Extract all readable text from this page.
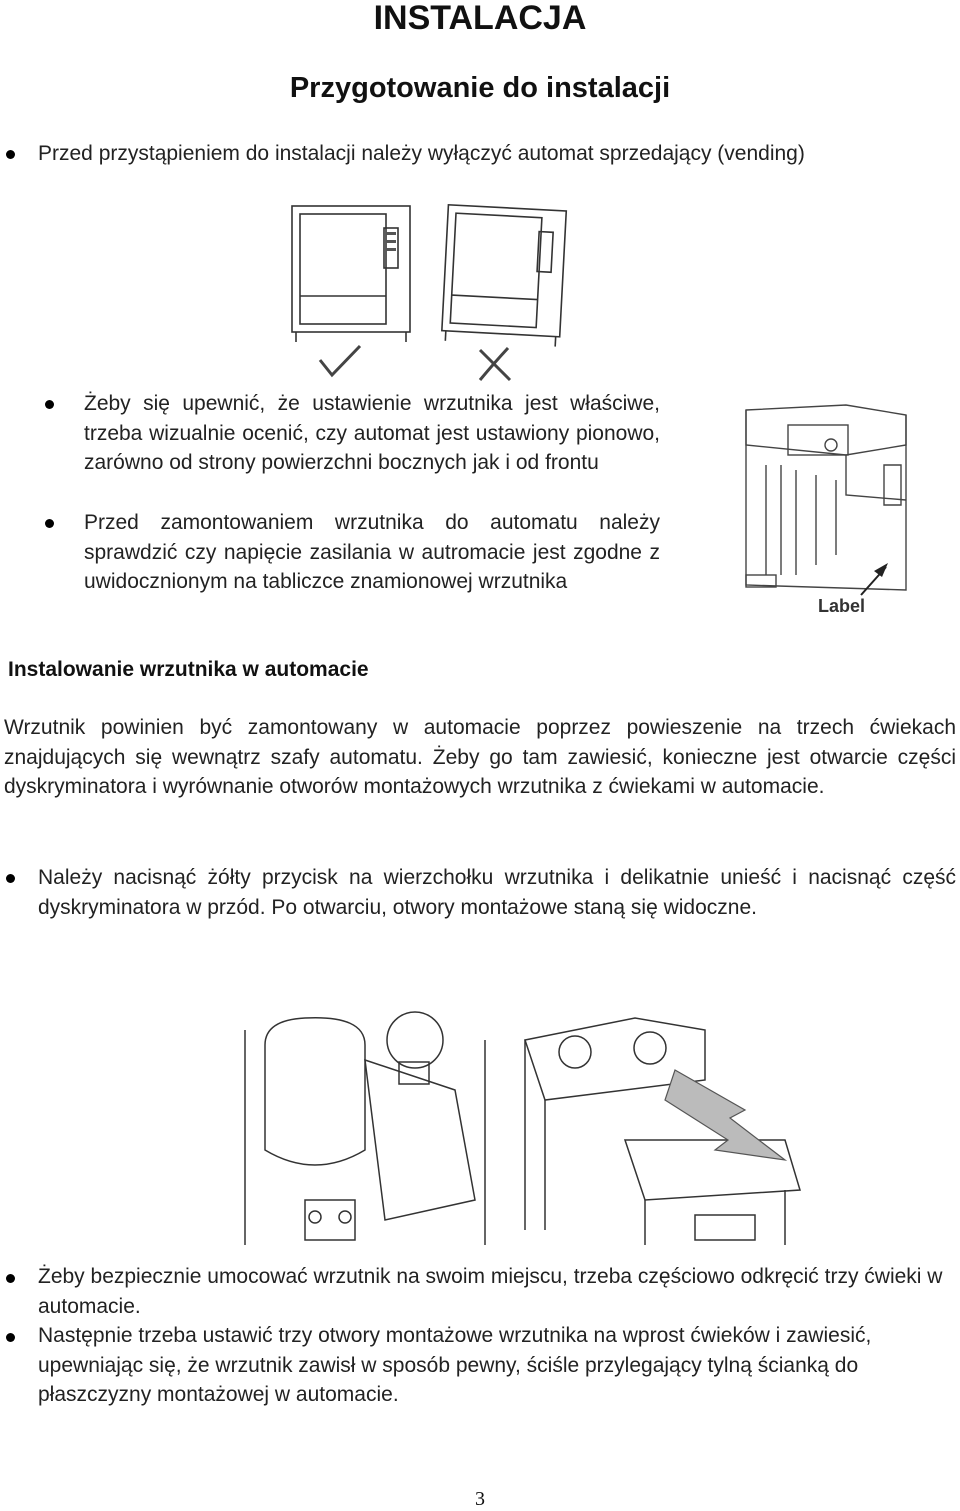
INSTALACJA
Przygotowanie do instalacji
Przed przystąpieniem do instalacji należy wyłączyć automat sprzedający (vending)
Żeby się upewnić, że ustawienie wrzutnika jest właściwe, trzeba wizualnie ocenić, czy automat jest ustawiony pionowo, zarówno od strony powierzchni bocznych jak i od frontu
Przed zamontowaniem wrzutnika do automatu należy sprawdzić czy napięcie zasilania w autromacie jest zgodne z uwidocznionym na tabliczce znamionowej wrzutnika
Label
Instalowanie wrzutnika w automacie
Wrzutnik powinien być zamontowany w automacie poprzez powieszenie na trzech ćwiekach znajdujących się wewnątrz szafy automatu. Żeby go tam zawiesić, konieczne jest otwarcie części dyskryminatora i wyrównanie otworów montażowych wrzutnika z ćwiekami w automacie.
Należy nacisnąć żółty przycisk na wierzchołku wrzutnika i delikatnie unieść i nacisnąć część dyskryminatora w przód. Po otwarciu, otwory montażowe staną się widoczne.
Żeby bezpiecznie umocować wrzutnik na swoim miejscu, trzeba częściowo odkręcić trzy ćwieki w automacie.
Następnie trzeba ustawić trzy otwory montażowe wrzutnika na wprost ćwieków i zawiesić, upewniając się, że wrzutnik zawisł w sposób pewny, ściśle przylegający tylną ścianką do płaszczyzny montażowej w automacie.
3
